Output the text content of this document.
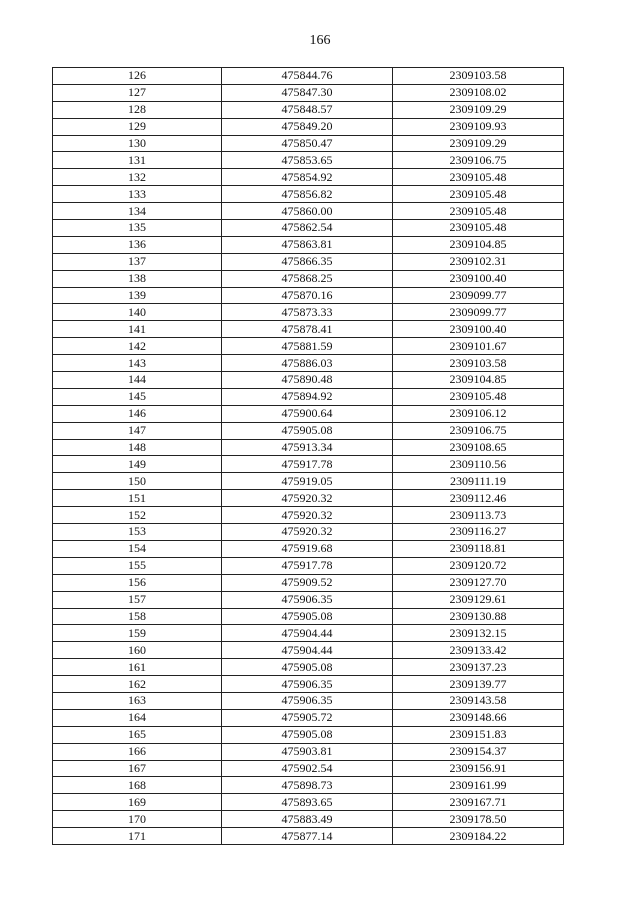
166
126	475844.76	2309103.58
127	475847.30	2309108.02
128	475848.57	2309109.29
129	475849.20	2309109.93
130	475850.47	2309109.29
131	475853.65	2309106.75
132	475854.92	2309105.48
133	475856.82	2309105.48
134	475860.00	2309105.48
135	475862.54	2309105.48
136	475863.81	2309104.85
137	475866.35	2309102.31
138	475868.25	2309100.40
139	475870.16	2309099.77
140	475873.33	2309099.77
141	475878.41	2309100.40
142	475881.59	2309101.67
143	475886.03	2309103.58
144	475890.48	2309104.85
145	475894.92	2309105.48
146	475900.64	2309106.12
147	475905.08	2309106.75
148	475913.34	2309108.65
149	475917.78	2309110.56
150	475919.05	2309111.19
151	475920.32	2309112.46
152	475920.32	2309113.73
153	475920.32	2309116.27
154	475919.68	2309118.81
155	475917.78	2309120.72
156	475909.52	2309127.70
157	475906.35	2309129.61
158	475905.08	2309130.88
159	475904.44	2309132.15
160	475904.44	2309133.42
161	475905.08	2309137.23
162	475906.35	2309139.77
163	475906.35	2309143.58
164	475905.72	2309148.66
165	475905.08	2309151.83
166	475903.81	2309154.37
167	475902.54	2309156.91
168	475898.73	2309161.99
169	475893.65	2309167.71
170	475883.49	2309178.50
171	475877.14	2309184.22
